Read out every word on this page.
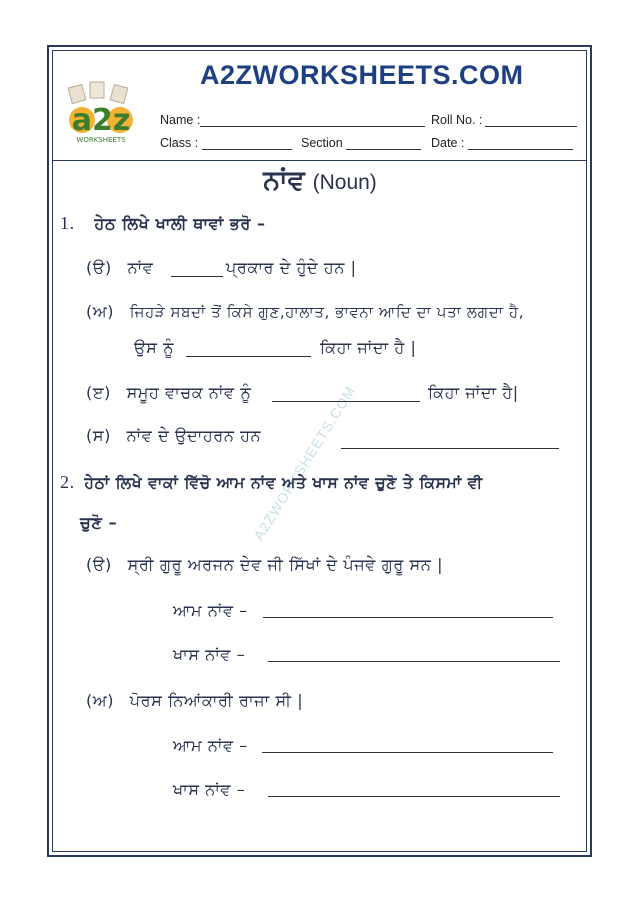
a2z
WORKSHEETS
A2ZWORKSHEETS.COM
Name :	Roll No. :
Class :	Section	Date :
ਨਾਂਵ (Noun)
A2ZWORKSHEETS.COM
1. ਹੇਠ ਲਿਖੇ ਖਾਲੀ ਥਾਵਾਂ ਭਰੋ –
(ੳ) ਨਾਂਵ	ਪ੍ਰਕਾਰ ਦੇ ਹੁੰਦੇ ਹਨ |
(ਅ) ਜਿਹੜੇ ਸਬਦਾਂ ਤੋਂ ਕਿਸੇ ਗੁਣ,ਹਾਲਾਤ, ਭਾਵਨਾ ਆਦਿ ਦਾ ਪਤਾ ਲਗਦਾ ਹੈ,
ਉਸ ਨੂੰ	ਕਿਹਾ ਜਾਂਦਾ ਹੈ |
(ੲ) ਸਮੂਹ ਵਾਚਕ ਨਾਂਵ ਨੂੰ	ਕਿਹਾ ਜਾਂਦਾ ਹੈ|
(ਸ) ਨਾਂਵ ਦੇ ਉਦਾਹਰਨ ਹਨ
2. ਹੇਠਾਂ ਲਿਖੇ ਵਾਕਾਂ ਵਿੱਚੋ ਆਮ ਨਾਂਵ ਅਤੇ ਖਾਸ ਨਾਂਵ ਚੁਣੋ ਤੇ ਕਿਸਮਾਂ ਵੀ
ਚੁਣੋ –
(ੳ) ਸ੍ਰੀ ਗੁਰੂ ਅਰਜਨ ਦੇਵ ਜੀ ਸਿੱਖਾਂ ਦੇ ਪੰਜਵੇ ਗੁਰੂ ਸਨ |
ਆਮ ਨਾਂਵ –
ਖਾਸ ਨਾਂਵ –
(ਅ) ਪੋਰਸ ਨਿਆਂਕਾਰੀ ਰਾਜਾ ਸੀ |
ਆਮ ਨਾਂਵ –
ਖਾਸ ਨਾਂਵ –
